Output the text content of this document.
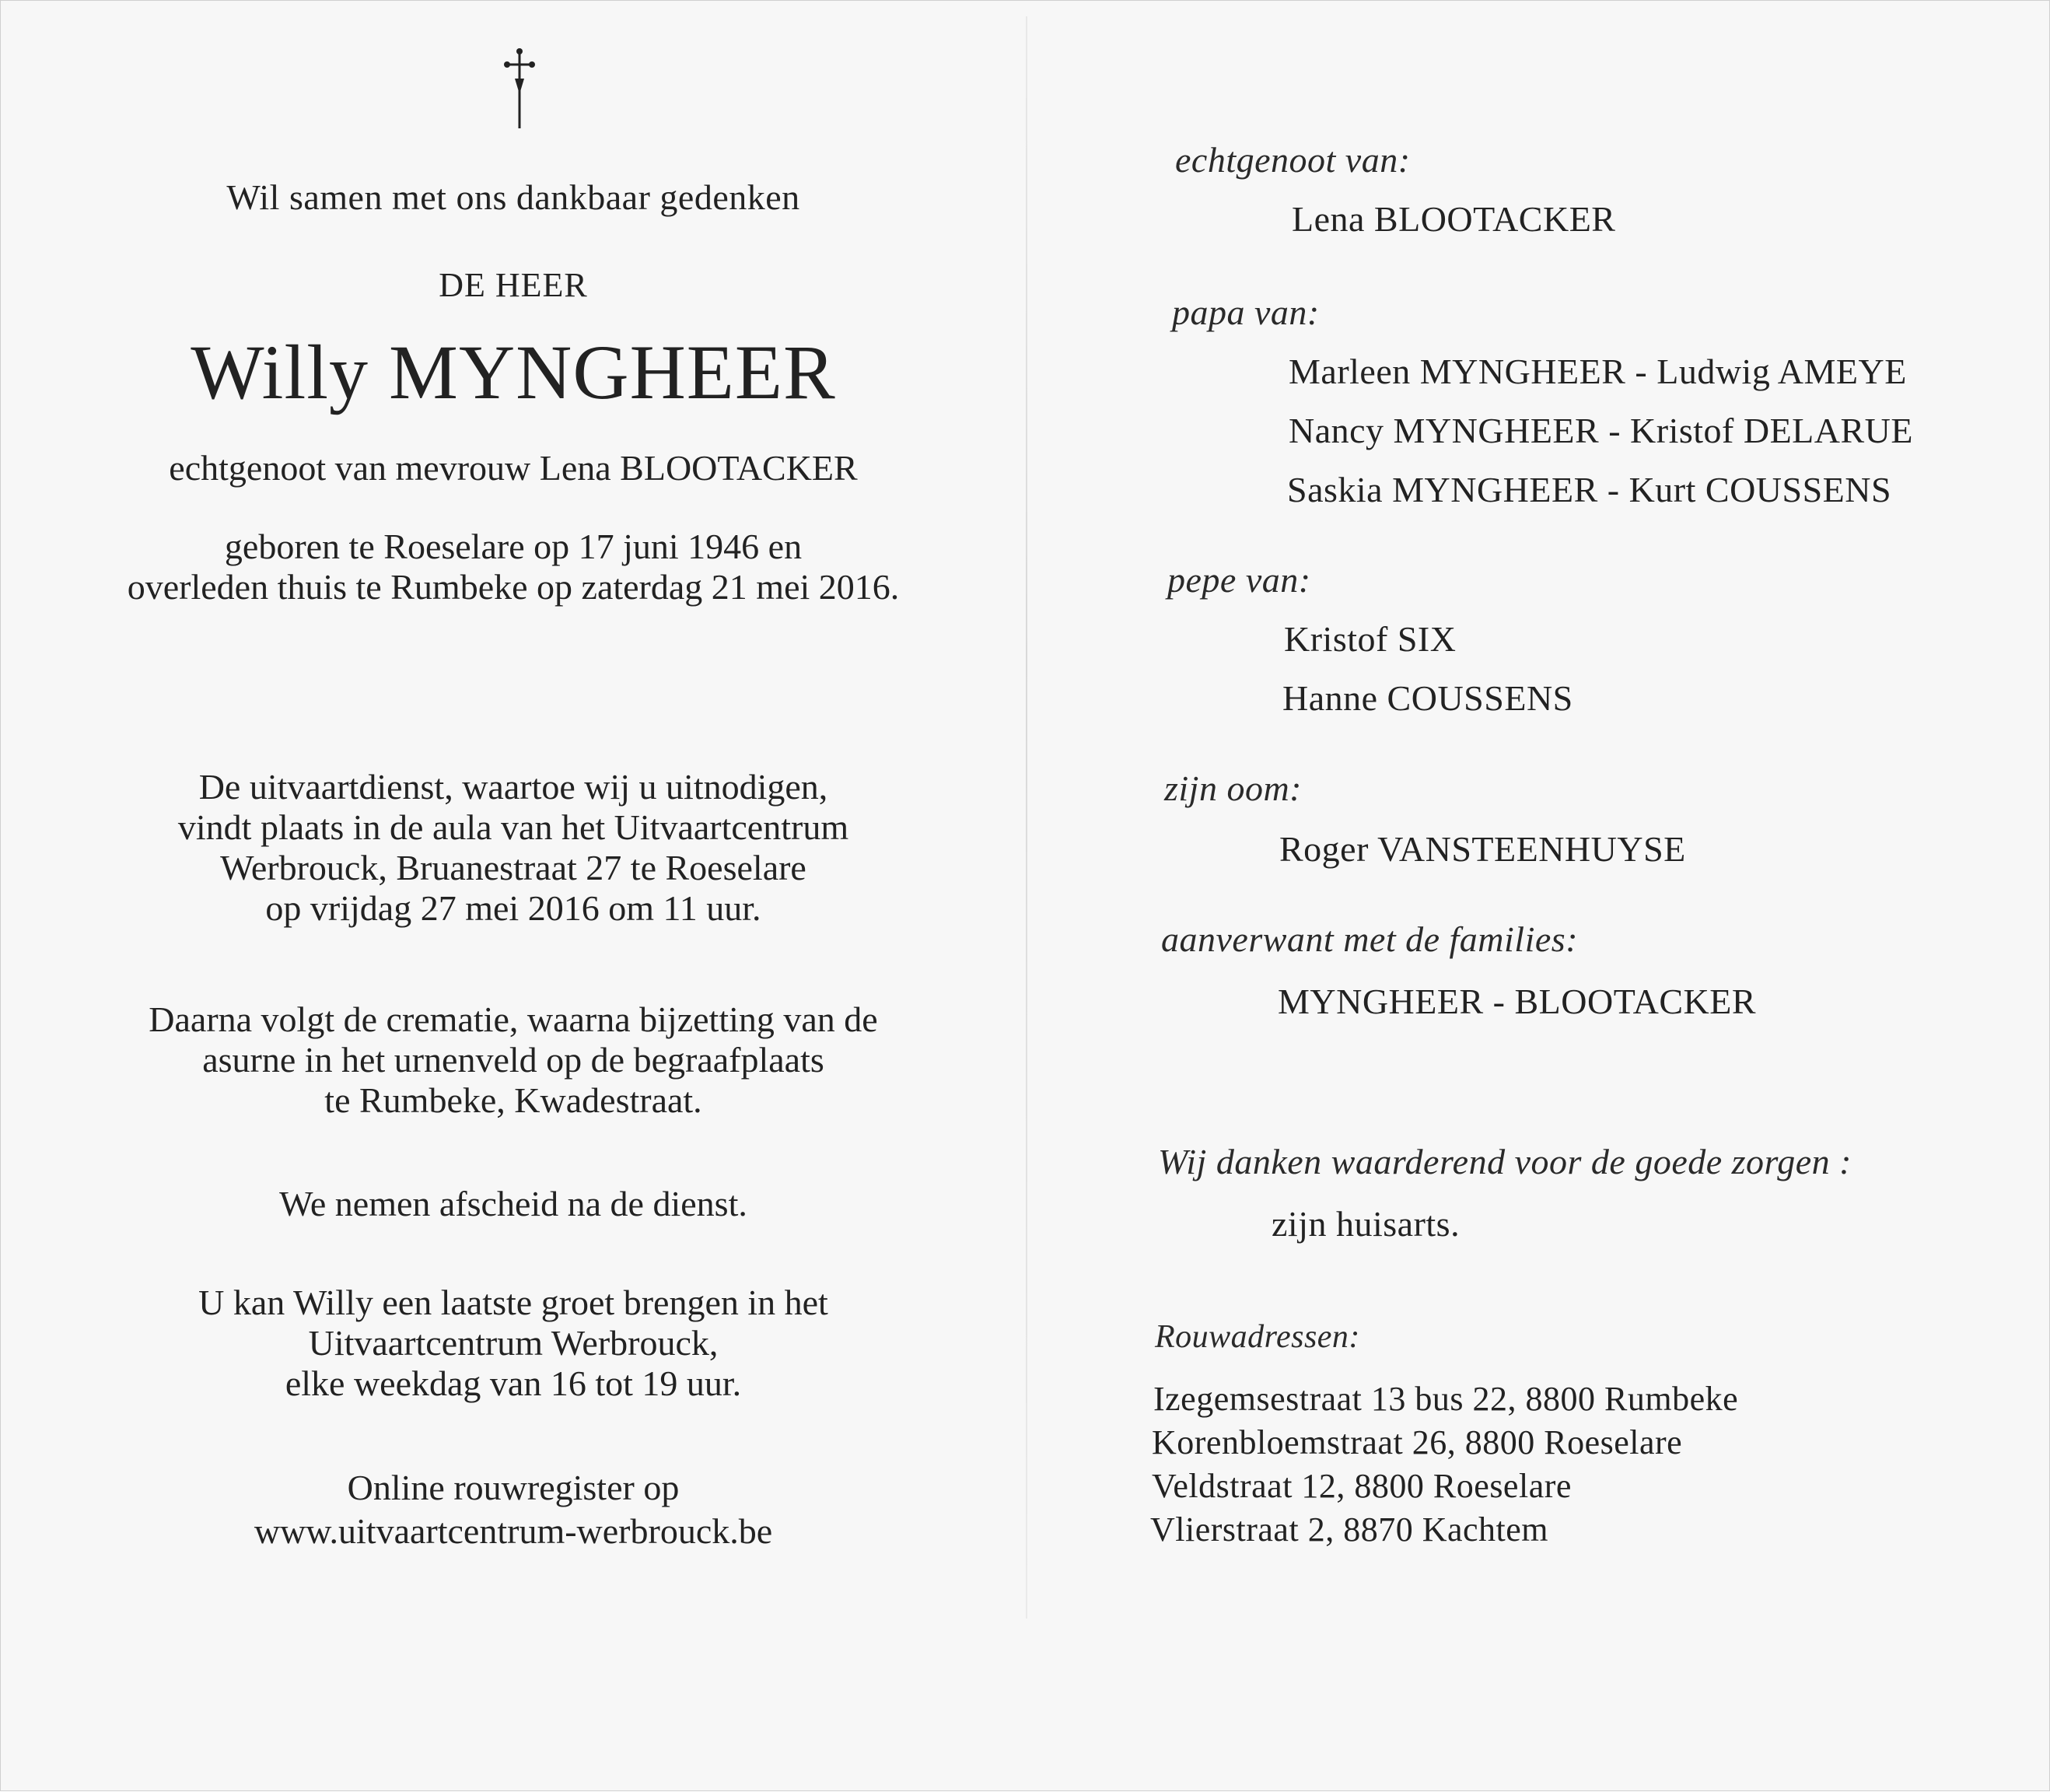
Wil samen met ons dankbaar gedenken
DE HEER
Willy MYNGHEER
echtgenoot van mevrouw Lena BLOOTACKER
geboren te Roeselare op 17 juni 1946 en
overleden thuis te Rumbeke op zaterdag 21 mei 2016.
De uitvaartdienst, waartoe wij u uitnodigen,
vindt plaats in de aula van het Uitvaartcentrum
Werbrouck, Bruanestraat 27 te Roeselare
op vrijdag 27 mei 2016 om 11 uur.
Daarna volgt de crematie, waarna bijzetting van de
asurne in het urnenveld op de begraafplaats
te Rumbeke, Kwadestraat.
We nemen afscheid na de dienst.
U kan Willy een laatste groet brengen in het
Uitvaartcentrum Werbrouck,
elke weekdag van 16 tot 19 uur.
Online rouwregister op
www.uitvaartcentrum-werbrouck.be
echtgenoot van:
Lena BLOOTACKER
papa van:
Marleen MYNGHEER - Ludwig AMEYE
Nancy MYNGHEER - Kristof DELARUE
Saskia MYNGHEER - Kurt COUSSENS
pepe van:
Kristof SIX
Hanne COUSSENS
zijn oom:
Roger VANSTEENHUYSE
aanverwant met de families:
MYNGHEER - BLOOTACKER
Wij danken waarderend voor de goede zorgen :
zijn huisarts.
Rouwadressen:
Izegemsestraat 13 bus 22, 8800 Rumbeke
Korenbloemstraat 26, 8800 Roeselare
Veldstraat 12, 8800 Roeselare
Vlierstraat 2, 8870 Kachtem
